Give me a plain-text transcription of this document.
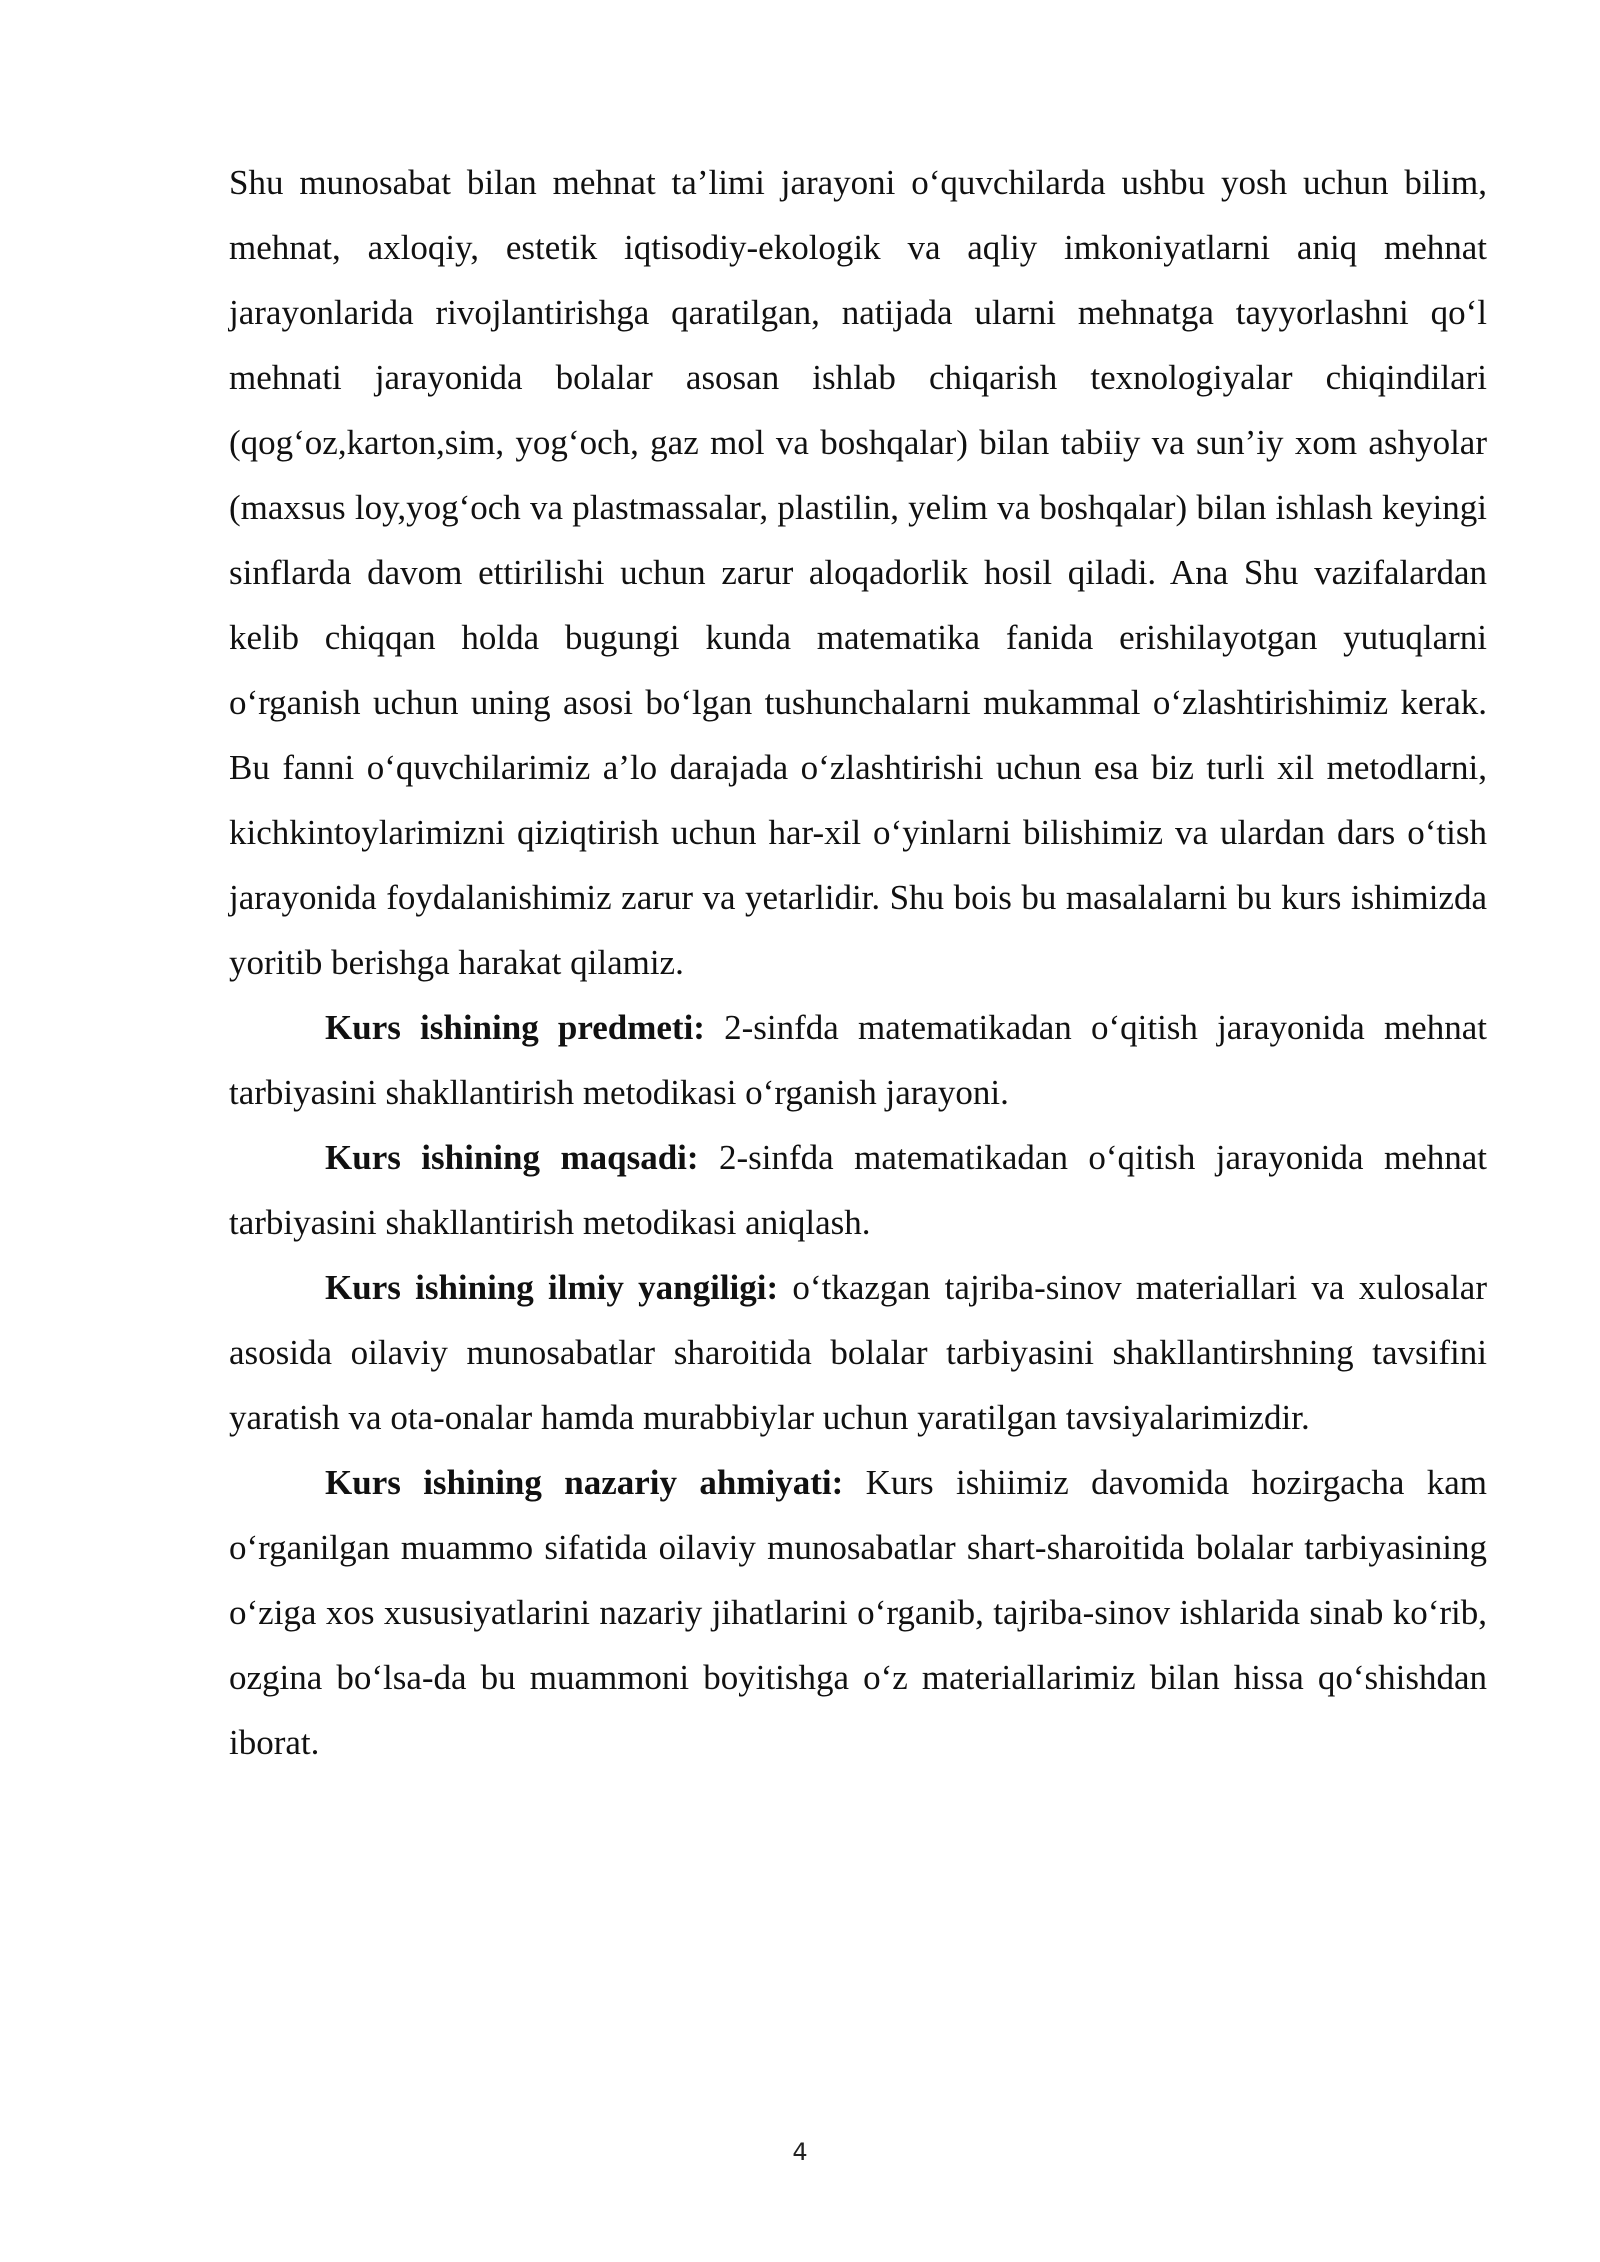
Shu munosabat bilan mehnat ta’limi jarayoni o‘quvchilarda ushbu yosh uchun bilim, mehnat, axloqiy, estetik iqtisodiy-ekologik va aqliy imkoniyatlarni aniq mehnat jarayonlarida rivojlantirishga qaratilgan, natijada ularni mehnatga tayyorlashni qo‘l mehnati jarayonida bolalar asosan ishlab chiqarish texnologiyalar chiqindilari (qog‘oz,karton,sim, yog‘och, gaz mol va boshqalar) bilan tabiiy va sun’iy xom ashyolar (maxsus loy,yog‘och va plastmassalar, plastilin, yelim va boshqalar) bilan ishlash keyingi sinflarda davom ettirilishi uchun zarur aloqadorlik hosil qiladi. Ana Shu vazifalardan kelib chiqqan holda bugungi kunda matematika fanida erishilayotgan yutuqlarni o‘rganish uchun uning asosi bo‘lgan tushunchalarni mukammal o‘zlashtirishimiz kerak. Bu fanni o‘quvchilarimiz a’lo darajada o‘zlashtirishi uchun esa biz turli xil metodlarni, kichkintoylarimizni qiziqtirish uchun har-xil o‘yinlarni bilishimiz va ulardan dars o‘tish jarayonida foydalanishimiz zarur va yetarlidir. Shu bois bu masalalarni bu kurs ishimizda yoritib berishga harakat qilamiz.

Kurs ishining predmeti: 2-sinfda matematikadan o‘qitish jarayonida mehnat tarbiyasini shakllantirish metodikasi o‘rganish jarayoni.

Kurs ishining maqsadi: 2-sinfda matematikadan o‘qitish jarayonida mehnat tarbiyasini shakllantirish metodikasi aniqlash.

Kurs ishining ilmiy yangiligi: o‘tkazgan tajriba-sinov materiallari va xulosalar asosida oilaviy munosabatlar sharoitida bolalar tarbiyasini shakllantirshning tavsifini yaratish va ota-onalar hamda murabbiylar uchun yaratilgan tavsiyalarimizdir.

Kurs ishining nazariy ahmiyati: Kurs ishiimiz davomida hozirgacha kam o‘rganilgan muammo sifatida oilaviy munosabatlar shart-sharoitida bolalar tarbiyasining o‘ziga xos xususiyatlarini nazariy jihatlarini o‘rganib, tajriba-sinov ishlarida sinab ko‘rib, ozgina bo‘lsa-da bu muammoni boyitishga o‘z materiallarimiz bilan hissa qo‘shishdan iborat.

4
